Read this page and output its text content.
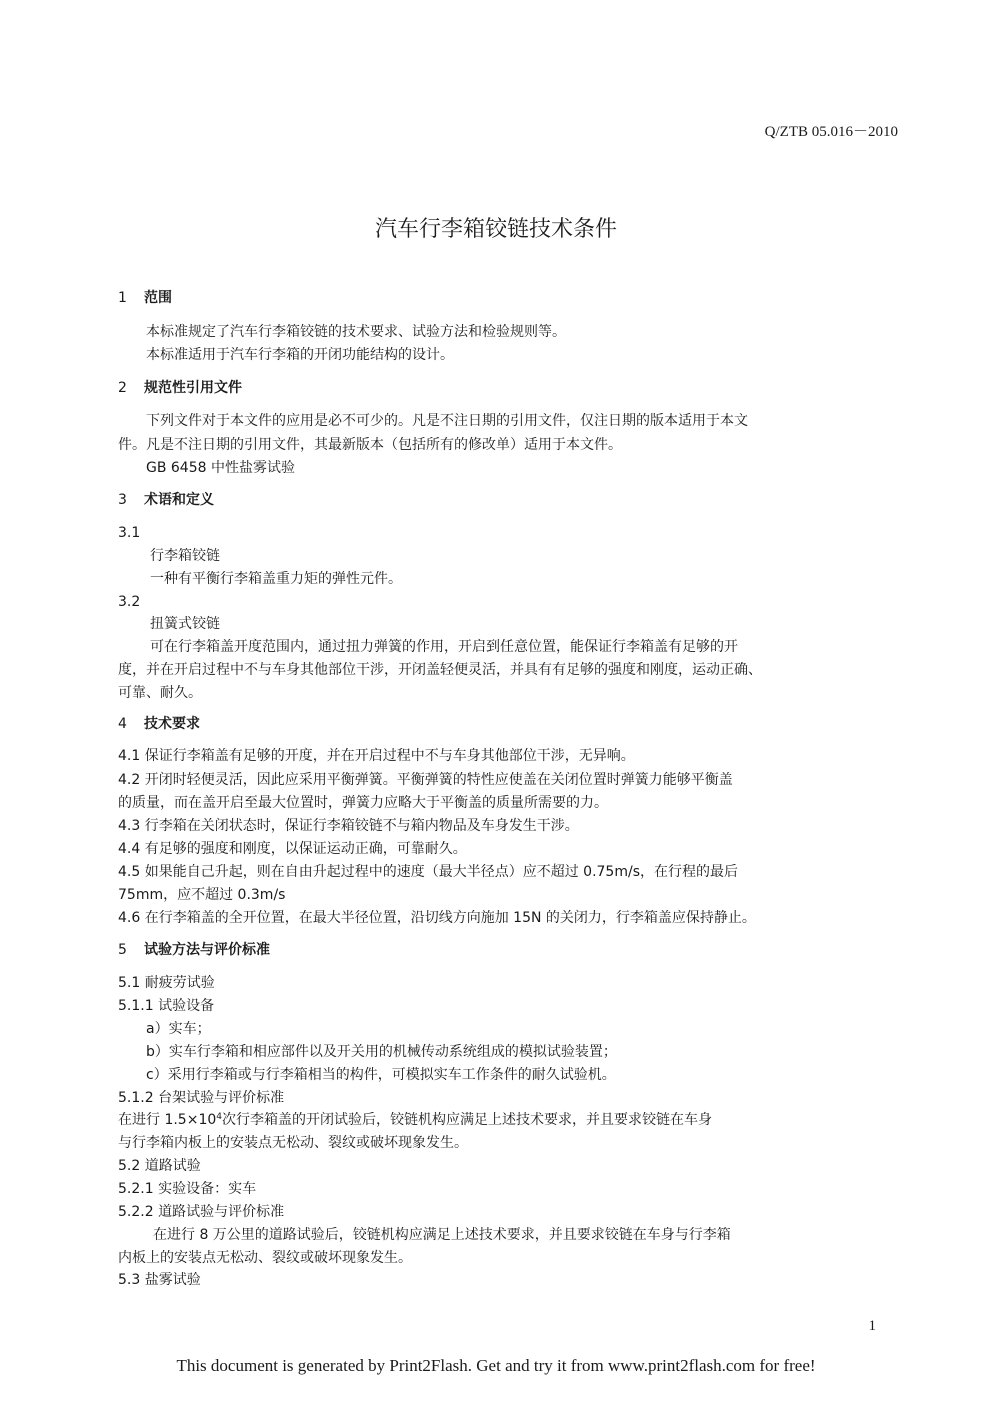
Q/ZTB 05.016－2010
汽车行李箱铰链技术条件
1 范围
本标准规定了汽车行李箱铰链的技术要求、试验方法和检验规则等。
本标准适用于汽车行李箱的开闭功能结构的设计。
2 规范性引用文件
下列文件对于本文件的应用是必不可少的。凡是不注日期的引用文件，仅注日期的版本适用于本文
件。凡是不注日期的引用文件，其最新版本（包括所有的修改单）适用于本文件。
GB 6458 中性盐雾试验
3 术语和定义
3.1
行李箱铰链
一种有平衡行李箱盖重力矩的弹性元件。
3.2
扭簧式铰链
可在行李箱盖开度范围内，通过扭力弹簧的作用，开启到任意位置，能保证行李箱盖有足够的开
度，并在开启过程中不与车身其他部位干涉，开闭盖轻便灵活，并具有有足够的强度和刚度，运动正确、
可靠、耐久。
4 技术要求
4.1 保证行李箱盖有足够的开度，并在开启过程中不与车身其他部位干涉，无异响。
4.2 开闭时轻便灵活，因此应采用平衡弹簧。平衡弹簧的特性应使盖在关闭位置时弹簧力能够平衡盖
的质量，而在盖开启至最大位置时，弹簧力应略大于平衡盖的质量所需要的力。
4.3 行李箱在关闭状态时，保证行李箱铰链不与箱内物品及车身发生干涉。
4.4 有足够的强度和刚度，以保证运动正确，可靠耐久。
4.5 如果能自己升起，则在自由升起过程中的速度（最大半径点）应不超过 0.75m/s，在行程的最后
75mm，应不超过 0.3m/s
4.6 在行李箱盖的全开位置，在最大半径位置，沿切线方向施加 15N 的关闭力，行李箱盖应保持静止。
5 试验方法与评价标准
5.1 耐疲劳试验
5.1.1 试验设备
a）实车；
b）实车行李箱和相应部件以及开关用的机械传动系统组成的模拟试验装置；
c）采用行李箱或与行李箱相当的构件，可模拟实车工作条件的耐久试验机。
5.1.2 台架试验与评价标准
在进行 $1.5\times 10^4$次行李箱盖的开闭试验后，铰链机构应满足上述技术要求，并且要求铰链在车身
与行李箱内板上的安装点无松动、裂纹或破坏现象发生。
5.2 道路试验
5.2.1 实验设备：实车
5.2.2 道路试验与评价标准
在进行 8 万公里的道路试验后，铰链机构应满足上述技术要求，并且要求铰链在车身与行李箱
内板上的安装点无松动、裂纹或破坏现象发生。
5.3 盐雾试验
1
This document is generated by Print2Flash. Get and try it from www.print2flash.com for free!
